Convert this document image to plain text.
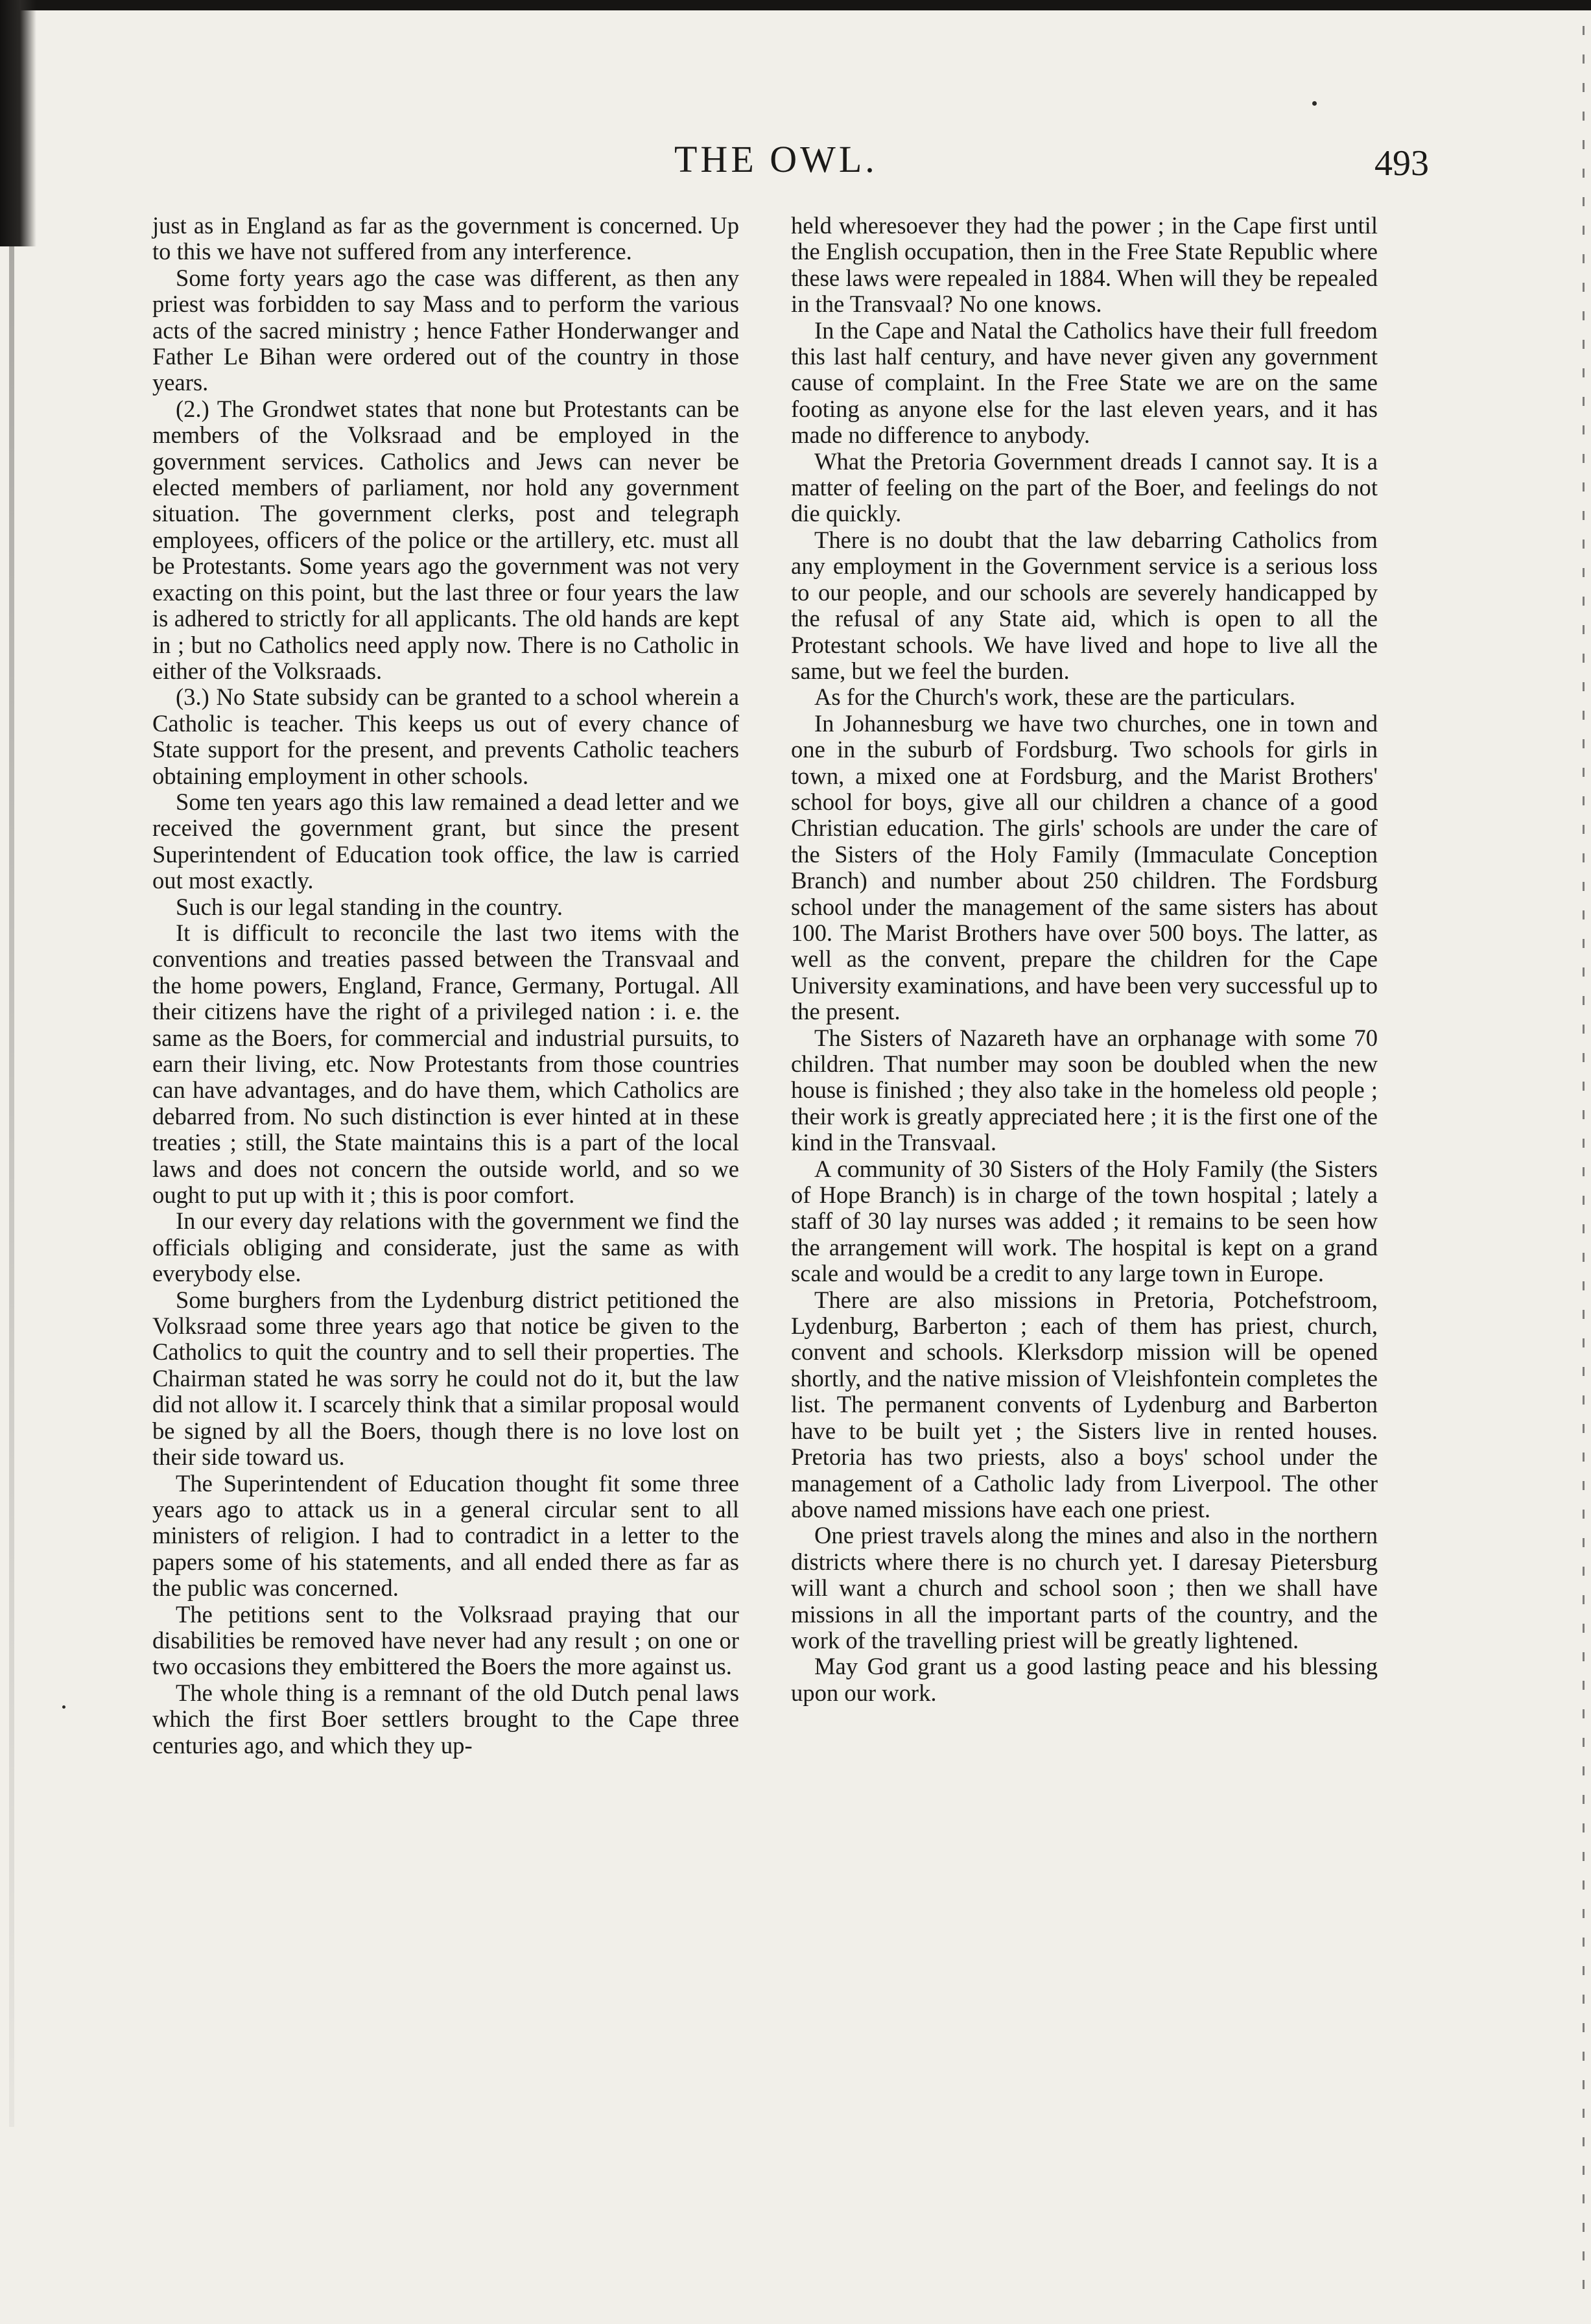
THE OWL.	493

just as in England as far as the government is concerned. Up to this we have not suffered from any interference.

Some forty years ago the case was different, as then any priest was forbidden to say Mass and to perform the various acts of the sacred ministry ; hence Father Honderwanger and Father Le Bihan were ordered out of the country in those years.

(2.) The Grondwet states that none but Protestants can be members of the Volksraad and be employed in the government services. Catholics and Jews can never be elected members of parliament, nor hold any government situation. The government clerks, post and telegraph employees, officers of the police or the artillery, etc. must all be Protestants. Some years ago the government was not very exacting on this point, but the last three or four years the law is adhered to strictly for all applicants. The old hands are kept in ; but no Catholics need apply now. There is no Catholic in either of the Volksraads.

(3.) No State subsidy can be granted to a school wherein a Catholic is teacher. This keeps us out of every chance of State support for the present, and prevents Catholic teachers obtaining employment in other schools.

Some ten years ago this law remained a dead letter and we received the government grant, but since the present Superintendent of Education took office, the law is carried out most exactly.

Such is our legal standing in the country.

It is difficult to reconcile the last two items with the conventions and treaties passed between the Transvaal and the home powers, England, France, Germany, Portugal. All their citizens have the right of a privileged nation : i. e. the same as the Boers, for commercial and industrial pursuits, to earn their living, etc. Now Protestants from those countries can have advantages, and do have them, which Catholics are debarred from. No such distinction is ever hinted at in these treaties ; still, the State maintains this is a part of the local laws and does not concern the outside world, and so we ought to put up with it ; this is poor comfort.

In our every day relations with the government we find the officials obliging and considerate, just the same as with everybody else.

Some burghers from the Lydenburg district petitioned the Volksraad some three years ago that notice be given to the Catholics to quit the country and to sell their properties. The Chairman stated he was sorry he could not do it, but the law did not allow it. I scarcely think that a similar proposal would be signed by all the Boers, though there is no love lost on their side toward us.

The Superintendent of Education thought fit some three years ago to attack us in a general circular sent to all ministers of religion. I had to contradict in a letter to the papers some of his statements, and all ended there as far as the public was concerned.

The petitions sent to the Volksraad praying that our disabilities be removed have never had any result ; on one or two occasions they embittered the Boers the more against us.

The whole thing is a remnant of the old Dutch penal laws which the first Boer settlers brought to the Cape three centuries ago, and which they up-

held wheresoever they had the power ; in the Cape first until the English occupation, then in the Free State Republic where these laws were repealed in 1884. When will they be repealed in the Transvaal? No one knows.

In the Cape and Natal the Catholics have their full freedom this last half century, and have never given any government cause of complaint. In the Free State we are on the same footing as anyone else for the last eleven years, and it has made no difference to anybody.

What the Pretoria Government dreads I cannot say. It is a matter of feeling on the part of the Boer, and feelings do not die quickly.

There is no doubt that the law debarring Catholics from any employment in the Government service is a serious loss to our people, and our schools are severely handicapped by the refusal of any State aid, which is open to all the Protestant schools. We have lived and hope to live all the same, but we feel the burden.

As for the Church's work, these are the particulars.

In Johannesburg we have two churches, one in town and one in the suburb of Fordsburg. Two schools for girls in town, a mixed one at Fordsburg, and the Marist Brothers' school for boys, give all our children a chance of a good Christian education. The girls' schools are under the care of the Sisters of the Holy Family (Immaculate Conception Branch) and number about 250 children. The Fordsburg school under the management of the same sisters has about 100. The Marist Brothers have over 500 boys. The latter, as well as the convent, prepare the children for the Cape University examinations, and have been very successful up to the present.

The Sisters of Nazareth have an orphanage with some 70 children. That number may soon be doubled when the new house is finished ; they also take in the homeless old people ; their work is greatly appreciated here ; it is the first one of the kind in the Transvaal.

A community of 30 Sisters of the Holy Family (the Sisters of Hope Branch) is in charge of the town hospital ; lately a staff of 30 lay nurses was added ; it remains to be seen how the arrangement will work. The hospital is kept on a grand scale and would be a credit to any large town in Europe.

There are also missions in Pretoria, Potchefstroom, Lydenburg, Barberton ; each of them has priest, church, convent and schools. Klerksdorp mission will be opened shortly, and the native mission of Vleishfontein completes the list. The permanent convents of Lydenburg and Barberton have to be built yet ; the Sisters live in rented houses. Pretoria has two priests, also a boys' school under the management of a Catholic lady from Liverpool. The other above named missions have each one priest.

One priest travels along the mines and also in the northern districts where there is no church yet. I daresay Pietersburg will want a church and school soon ; then we shall have missions in all the important parts of the country, and the work of the travelling priest will be greatly lightened.

May God grant us a good lasting peace and his blessing upon our work.
